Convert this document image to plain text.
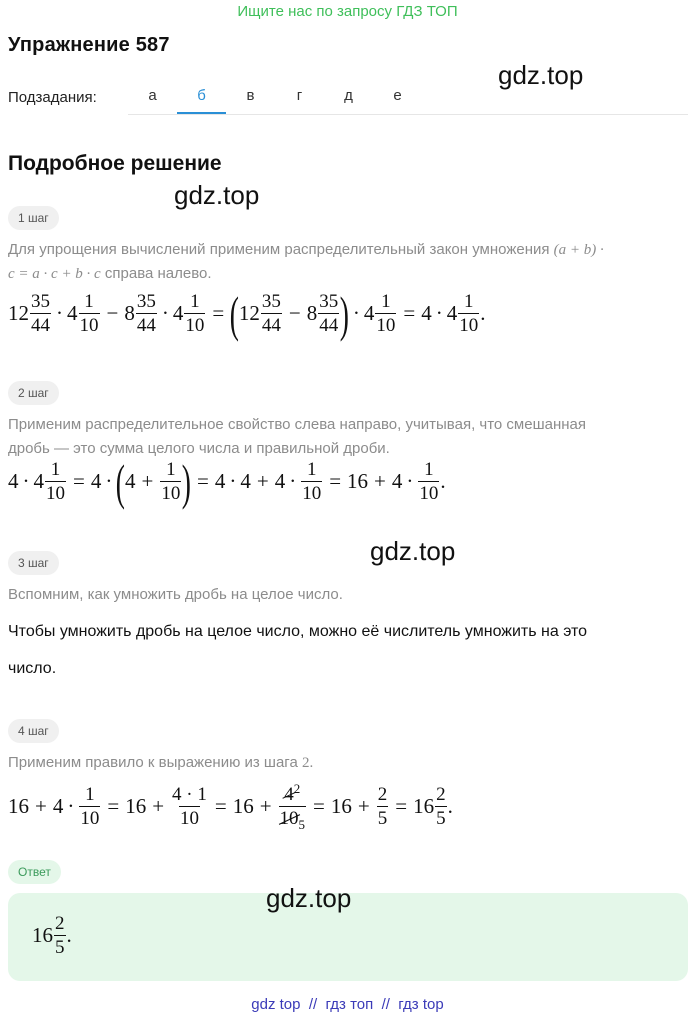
Ищите нас по запросу ГДЗ ТОП
Упражнение 587
gdz.top
Подзадания:	а	б	в	г	д	е
Подробное решение
gdz.top
1 шаг
Для упрощения вычислений применим распределительный закон умножения (a + b) ·
c = a · c + b · c справа налево.
$12 \frac{35}{44} \cdot 4 \frac{1}{10} - 8 \frac{35}{44} \cdot 4 \frac{1}{10}$ = ( $12 \frac{35}{44} - 8 \frac{35}{44}$ ) · $4 \frac{1}{10} = 4 \cdot 4 \frac{1}{10}$ .
2 шаг
Применим распределительное свойство слева направо, учитывая, что смешанная
дробь — это сумма целого числа и правильной дроби.
$4 \cdot 4 \frac{1}{10} = 4$ · ( $4 + \frac{1}{10}$ ) = $4 \cdot 4 + 4 \cdot \frac{1}{10} = 16 + 4 \cdot \frac{1}{10}$ .
gdz.top
3 шаг
Вспомним, как умножить дробь на целое число.
Чтобы умножить дробь на целое число, можно её числитель умножить на это
число.
4 шаг
Применим правило к выражению из шага 2.
$16 + 4 \cdot \frac{1}{10} = 16 + \frac{4 \cdot 1}{10} = 16 + \frac{4^2}{10_5} = 16 + \frac{2}{5} = 16 \frac{2}{5}$ .
Ответ
gdz.top
$16 \frac{2}{5}$ .
gdz top  //  гдз топ  //  гдз top
